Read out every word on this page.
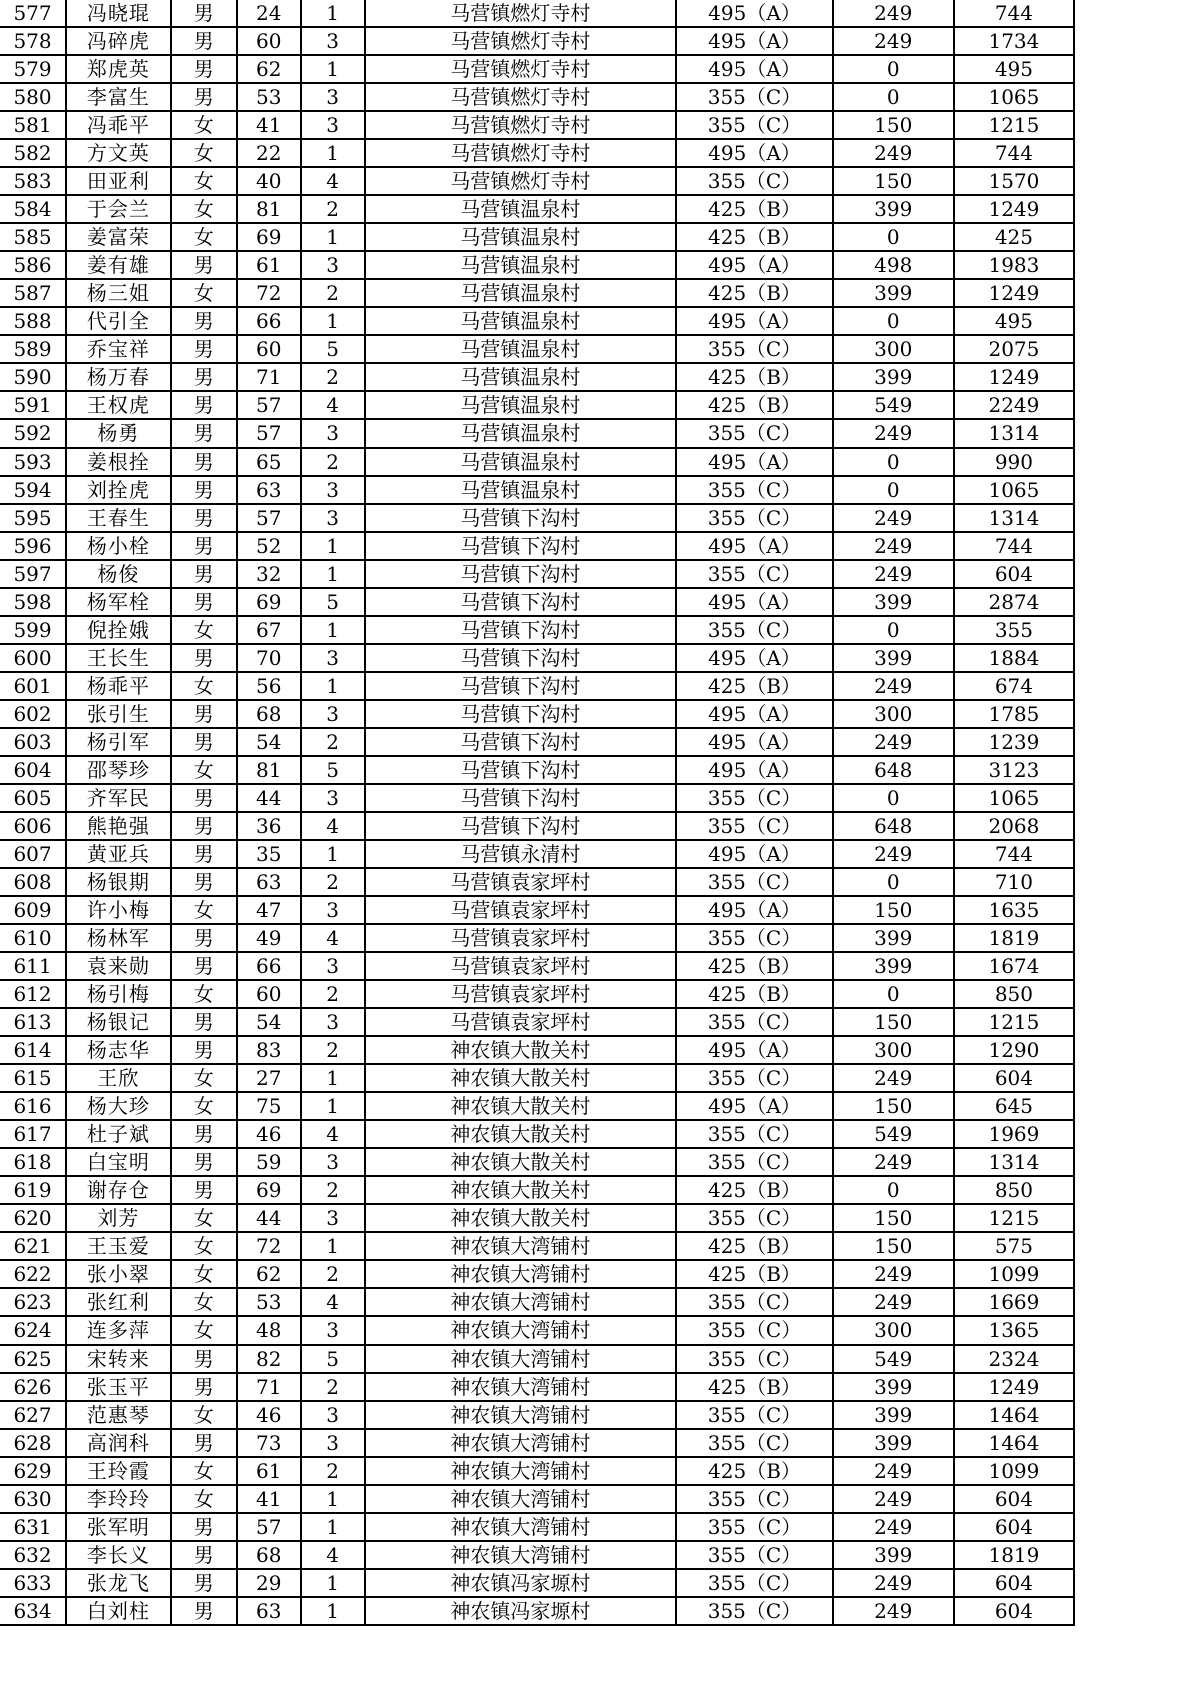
577	冯晓琨	男	24	1	马营镇燃灯寺村	495（A）	249	744
578	冯碎虎	男	60	3	马营镇燃灯寺村	495（A）	249	1734
579	郑虎英	男	62	1	马营镇燃灯寺村	495（A）	0	495
580	李富生	男	53	3	马营镇燃灯寺村	355（C）	0	1065
581	冯乖平	女	41	3	马营镇燃灯寺村	355（C）	150	1215
582	方文英	女	22	1	马营镇燃灯寺村	495（A）	249	744
583	田亚利	女	40	4	马营镇燃灯寺村	355（C）	150	1570
584	于会兰	女	81	2	马营镇温泉村	425（B）	399	1249
585	姜富荣	女	69	1	马营镇温泉村	425（B）	0	425
586	姜有雄	男	61	3	马营镇温泉村	495（A）	498	1983
587	杨三姐	女	72	2	马营镇温泉村	425（B）	399	1249
588	代引全	男	66	1	马营镇温泉村	495（A）	0	495
589	乔宝祥	男	60	5	马营镇温泉村	355（C）	300	2075
590	杨万春	男	71	2	马营镇温泉村	425（B）	399	1249
591	王权虎	男	57	4	马营镇温泉村	425（B）	549	2249
592	杨勇	男	57	3	马营镇温泉村	355（C）	249	1314
593	姜根拴	男	65	2	马营镇温泉村	495（A）	0	990
594	刘拴虎	男	63	3	马营镇温泉村	355（C）	0	1065
595	王春生	男	57	3	马营镇下沟村	355（C）	249	1314
596	杨小栓	男	52	1	马营镇下沟村	495（A）	249	744
597	杨俊	男	32	1	马营镇下沟村	355（C）	249	604
598	杨军栓	男	69	5	马营镇下沟村	495（A）	399	2874
599	倪拴娥	女	67	1	马营镇下沟村	355（C）	0	355
600	王长生	男	70	3	马营镇下沟村	495（A）	399	1884
601	杨乖平	女	56	1	马营镇下沟村	425（B）	249	674
602	张引生	男	68	3	马营镇下沟村	495（A）	300	1785
603	杨引军	男	54	2	马营镇下沟村	495（A）	249	1239
604	邵琴珍	女	81	5	马营镇下沟村	495（A）	648	3123
605	齐军民	男	44	3	马营镇下沟村	355（C）	0	1065
606	熊艳强	男	36	4	马营镇下沟村	355（C）	648	2068
607	黄亚兵	男	35	1	马营镇永清村	495（A）	249	744
608	杨银期	男	63	2	马营镇袁家坪村	355（C）	0	710
609	许小梅	女	47	3	马营镇袁家坪村	495（A）	150	1635
610	杨林军	男	49	4	马营镇袁家坪村	355（C）	399	1819
611	袁来勋	男	66	3	马营镇袁家坪村	425（B）	399	1674
612	杨引梅	女	60	2	马营镇袁家坪村	425（B）	0	850
613	杨银记	男	54	3	马营镇袁家坪村	355（C）	150	1215
614	杨志华	男	83	2	神农镇大散关村	495（A）	300	1290
615	王欣	女	27	1	神农镇大散关村	355（C）	249	604
616	杨大珍	女	75	1	神农镇大散关村	495（A）	150	645
617	杜子斌	男	46	4	神农镇大散关村	355（C）	549	1969
618	白宝明	男	59	3	神农镇大散关村	355（C）	249	1314
619	谢存仓	男	69	2	神农镇大散关村	425（B）	0	850
620	刘芳	女	44	3	神农镇大散关村	355（C）	150	1215
621	王玉爱	女	72	1	神农镇大湾铺村	425（B）	150	575
622	张小翠	女	62	2	神农镇大湾铺村	425（B）	249	1099
623	张红利	女	53	4	神农镇大湾铺村	355（C）	249	1669
624	连多萍	女	48	3	神农镇大湾铺村	355（C）	300	1365
625	宋转来	男	82	5	神农镇大湾铺村	355（C）	549	2324
626	张玉平	男	71	2	神农镇大湾铺村	425（B）	399	1249
627	范惠琴	女	46	3	神农镇大湾铺村	355（C）	399	1464
628	高润科	男	73	3	神农镇大湾铺村	355（C）	399	1464
629	王玲霞	女	61	2	神农镇大湾铺村	425（B）	249	1099
630	李玲玲	女	41	1	神农镇大湾铺村	355（C）	249	604
631	张军明	男	57	1	神农镇大湾铺村	355（C）	249	604
632	李长义	男	68	4	神农镇大湾铺村	355（C）	399	1819
633	张龙飞	男	29	1	神农镇冯家塬村	355（C）	249	604
634	白刘柱	男	63	1	神农镇冯家塬村	355（C）	249	604
